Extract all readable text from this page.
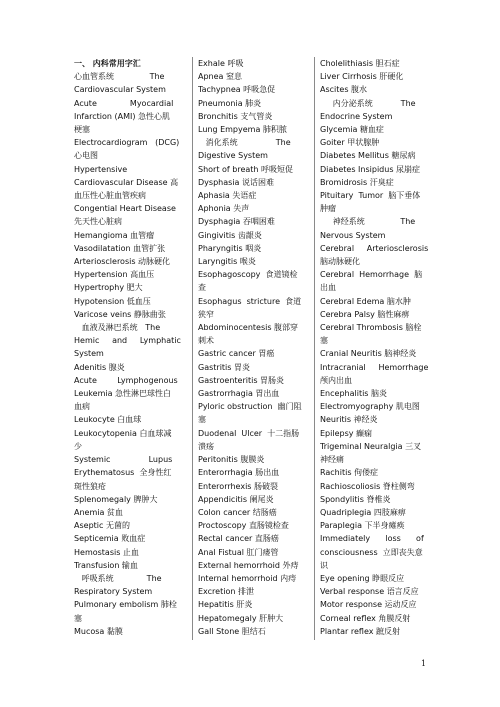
一、 内科常用字汇
心血管系统              The
Cardiovascular System
Acute             Myocardial
Infarction (AMI) 急性心肌
梗塞
Electrocardiogram   (DCG)
心电图
Hypertensive
Cardiovascular Disease 高
血压性心脏血管疾病
Congential Heart Disease
先天性心脏病
Hemangioma 血管瘤
Vasodilatation 血管扩张
Arteriosclerosis 动脉硬化
Hypertension 高血压
Hypertrophy 肥大
Hypotension 低血压
Varicose veins 静脉曲张
血液及淋巴系统   The
Hemic     and     Lymphatic
System
Adenitis 腺炎
Acute        Lymphogenous
Leukemia 急性淋巴球性白
血病
Leukocyte 白血球
Leukocytopenia 白血球减
少
Systemic               Lupus
Erythematosus  全身性红
斑性狼疮
Splenomegaly 脾肿大
Anemia 贫血
Aseptic 无菌的
Septicemia 败血症
Hemostasis 止血
Transfusion 输血
呼吸系统             The
Respiratory System
Pulmonary embolism 肺栓
塞
Mucosa 黏膜
Exhale 呼吸
Apnea 窒息
Tachypnea 呼吸急促
Pneumonia 肺炎
Bronchitis 支气管炎
Lung Empyema 肺积脓
消化系统               The
Digestive System
Short of breath 呼吸短促
Dysphasia 说话困难
Aphasia 失语症
Aphonia 失声
Dysphagia 吞咽困难
Gingivitis 齿龈炎
Pharyngitis 咽炎
Laryngitis 喉炎
Esophagoscopy  食道镜检
查
Esophagus  stricture  食道
狭窄
Abdominocentesis 腹部穿
刺术
Gastric cancer 胃癌
Gastritis 胃炎
Gastroenteritis 胃肠炎
Gastrorrhagia 胃出血
Pyloric obstruction  幽门阻
塞
Duodenal  Ulcer  十二指肠
溃疡
Peritonitis 腹膜炎
Enterorrhagia 肠出血
Enterorrhexis 肠破裂
Appendicitis 阑尾炎
Colon cancer 结肠癌
Proctoscopy 直肠镜检查
Rectal cancer 直肠癌
Anal Fistual 肛门瘘管
External hemorrhoid 外痔
Internal hemorrhoid 内痔
Excretion 排泄
Hepatitis 肝炎
Hepatomegaly 肝肿大
Gall Stone 胆结石
Cholelithiasis 胆石症
Liver Cirrhosis 肝硬化
Ascites 腹水
内分泌系统           The
Endocrine System
Glycemia 糖血症
Goiter 甲状腺肿
Diabetes Mellitus 糖尿病
Diabetes Insipidus 尿崩症
Bromidrosis 汗臭症
Pituitary  Tumor  脑下垂体
肿瘤
神经系统              The
Nervous System
Cerebral     Arteriosclerosis
脑动脉硬化
Cerebral  Hemorrhage  脑
出血
Cerebral Edema 脑水肿
Cerebra Palsy 脑性麻痹
Cerebral Thrombosis 脑栓
塞
Cranial Neuritis 脑神经炎
Intracranial     Hemorrhage
颅内出血
Encephalitis 脑炎
Electromyography 肌电图
Neuritis 神经炎
Epilepsy 癫痫
Trigeminal Neuralgia 三叉
神经痛
Rachitis 佝偻症
Rachioscoliosis 脊柱侧弯
Spondylitis 脊椎炎
Quadriplegia 四肢麻痹
Paraplegia 下半身瘫痪
Immediately      loss      of
consciousness  立即丧失意
识
Eye opening 睁眼反应
Verbal response 语言反应
Motor response 运动反应
Corneal reflex 角膜反射
Plantar reflex 蹠反射
1
